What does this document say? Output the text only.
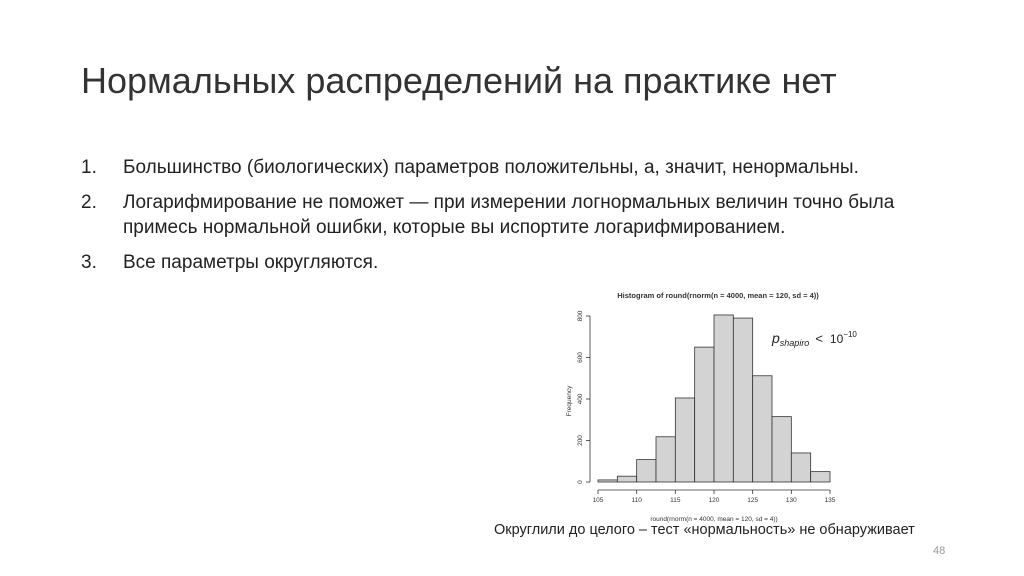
Нормальных распределений на практике нет
1. Большинство (биологических) параметров положительны, а, значит, ненормальны.
2. Логарифмирование не поможет — при измерении логнормальных величин точно была примесь нормальной ошибки, которые вы испортите логарифмированием.
3. Все параметры округляются.
Histogram of round(rnorm(n = 4000, mean = 120, sd = 4))
Frequency
round(rnorm(n = 4000, mean = 120, sd = 4))
0
200
400
600
800
105	110	115	120	125	130	135
pshapiro < $10^{-10}$
Округлили до целого – тест «нормальность» не обнаруживает
48
